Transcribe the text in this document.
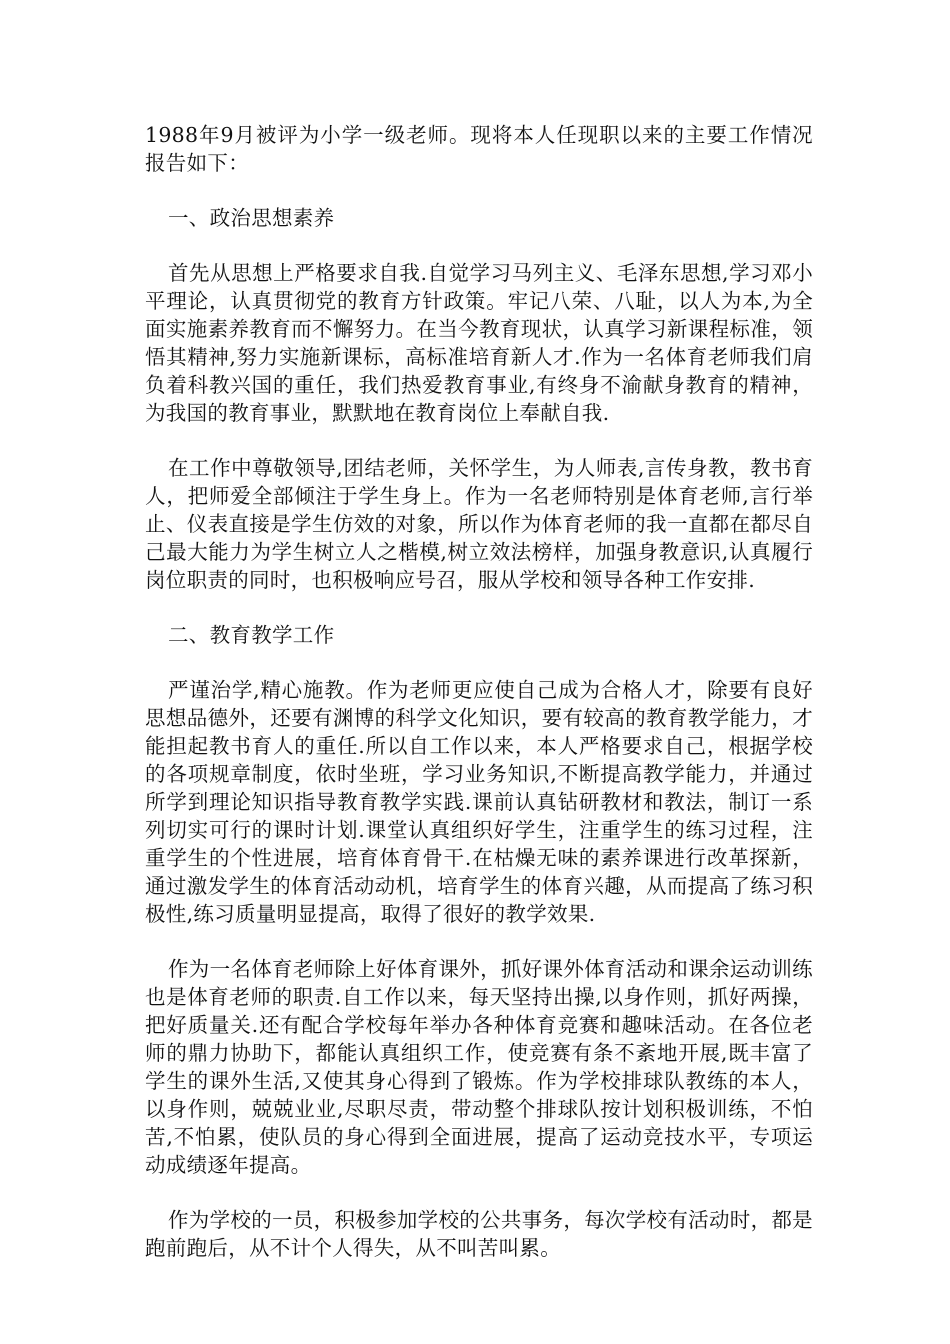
1988年9月被评为小学一级老师。现将本人任现职以来的主要工作情况报告如下：

一、政治思想素养

首先从思想上严格要求自我.自觉学习马列主义、毛泽东思想,学习邓小平理论，认真贯彻党的教育方针政策。牢记八荣、八耻，以人为本,为全面实施素养教育而不懈努力。在当今教育现状，认真学习新课程标准，领悟其精神,努力实施新课标，高标准培育新人才.作为一名体育老师我们肩负着科教兴国的重任，我们热爱教育事业,有终身不渝献身教育的精神，为我国的教育事业，默默地在教育岗位上奉献自我.

在工作中尊敬领导,团结老师，关怀学生，为人师表,言传身教，教书育人，把师爱全部倾注于学生身上。作为一名老师特别是体育老师,言行举止、仪表直接是学生仿效的对象，所以作为体育老师的我一直都在都尽自己最大能力为学生树立人之楷模,树立效法榜样，加强身教意识,认真履行岗位职责的同时，也积极响应号召，服从学校和领导各种工作安排.

二、教育教学工作

严谨治学,精心施教。作为老师更应使自己成为合格人才，除要有良好思想品德外，还要有渊博的科学文化知识，要有较高的教育教学能力，才能担起教书育人的重任.所以自工作以来，本人严格要求自己，根据学校的各项规章制度，依时坐班，学习业务知识,不断提高教学能力，并通过所学到理论知识指导教育教学实践.课前认真钻研教材和教法，制订一系列切实可行的课时计划.课堂认真组织好学生，注重学生的练习过程，注重学生的个性进展，培育体育骨干.在枯燥无味的素养课进行改革探新，通过激发学生的体育活动动机，培育学生的体育兴趣，从而提高了练习积极性,练习质量明显提高，取得了很好的教学效果.

作为一名体育老师除上好体育课外，抓好课外体育活动和课余运动训练也是体育老师的职责.自工作以来，每天坚持出操,以身作则，抓好两操，把好质量关.还有配合学校每年举办各种体育竞赛和趣味活动。在各位老师的鼎力协助下，都能认真组织工作，使竞赛有条不紊地开展,既丰富了学生的课外生活,又使其身心得到了锻炼。作为学校排球队教练的本人，以身作则，兢兢业业,尽职尽责，带动整个排球队按计划积极训练，不怕苦,不怕累，使队员的身心得到全面进展，提高了运动竞技水平，专项运动成绩逐年提高。

作为学校的一员，积极参加学校的公共事务，每次学校有活动时，都是跑前跑后，从不计个人得失，从不叫苦叫累。
